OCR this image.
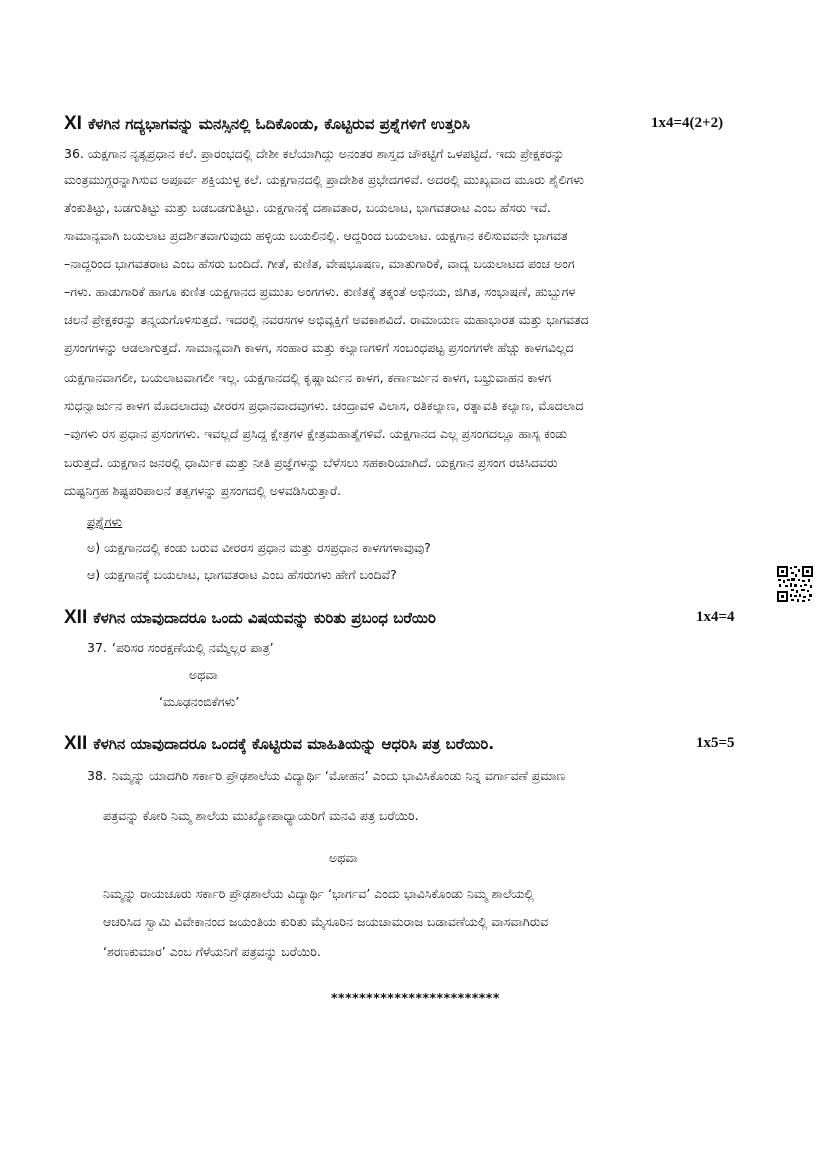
XI ಕೆಳಗಿನ ಗದ್ಯಭಾಗವನ್ನು ಮನಸ್ಸಿನಲ್ಲಿ ಓದಿಕೊಂಡು, ಕೊಟ್ಟಿರುವ ಪ್ರಶ್ನೆಗಳಿಗೆ ಉತ್ತರಿಸಿ	1x4=4(2+2)
36. ಯಕ್ಷಗಾನ ನೃತ್ಯಪ್ರಧಾನ ಕಲೆ. ಪ್ರಾರಂಭದಲ್ಲಿ ದೇಶೀ ಕಲೆಯಾಗಿದ್ದು ಅನಂತರ ಶಾಸ್ತ್ರದ ಚೌಕಟ್ಟಿಗೆ ಒಳಪಟ್ಟಿದೆ. ಇದು ಪ್ರೇಕ್ಷಕರನ್ನು
ಮಂತ್ರಮುಗ್ಧರನ್ನಾಗಿಸುವ ಅಪೂರ್ವ ಶಕ್ತಿಯುಳ್ಳ ಕಲೆ. ಯಕ್ಷಗಾನದಲ್ಲಿ ಪ್ರಾದೇಶಿಕ ಪ್ರಭೇದಗಳಿವೆ. ಅದರಲ್ಲಿ ಮುಖ್ಯವಾದ ಮೂರು ಶೈಲಿಗಳು
ತೆಂಕುತಿಟ್ಟು, ಬಡಗುತಿಟ್ಟು ಮತ್ತು ಬಡಬಡಗುತಿಟ್ಟು. ಯಕ್ಷಗಾನಕ್ಕೆ ದಶಾವತಾರ, ಬಯಲಾಟ, ಭಾಗವತರಾಟ ಎಂಬ ಹೆಸರು ಇವೆ.
ಸಾಮಾನ್ಯವಾಗಿ ಬಯಲಾಟ ಪ್ರದರ್ಶಿತವಾಗುವುದು ಹಳ್ಳಿಯ ಬಯಲಿನಲ್ಲಿ. ಆದ್ದರಿಂದ ಬಯಲಾಟ. ಯಕ್ಷಗಾನ ಕಲಿಸುವವನೇ ಭಾಗವತ
–ನಾದ್ದರಿಂದ ಭಾಗವತರಾಟ ಎಂಬ ಹೆಸರು ಬಂದಿದೆ. ಗೀತೆ, ಕುಣಿತ, ವೇಷಭೂಷಣ, ಮಾತುಗಾರಿಕೆ, ವಾದ್ಯ ಬಯಲಾಟದ ಪಂಚ ಅಂಗ
–ಗಳು. ಹಾಡುಗಾರಿಕೆ ಹಾಗೂ ಕುಣಿತ ಯಕ್ಷಗಾನದ ಪ್ರಮುಖ ಅಂಗಗಳು. ಕುಣಿತಕ್ಕೆ ತಕ್ಕಂತೆ ಅಭಿನಯ, ಜಿಗಿತ, ಸಂಭಾಷಣೆ, ಹುಬ್ಬುಗಳ
ಚಲನೆ ಪ್ರೇಕ್ಷಕರನ್ನು ತನ್ಮಯಗೊಳಿಸುತ್ತದೆ. ಇದರಲ್ಲಿ ನವರಸಗಳ ಅಭಿವ್ಯಕ್ತಿಗೆ ಅವಕಾಶವಿದೆ. ರಾಮಾಯಣ ಮಹಾಭಾರತ ಮತ್ತು ಭಾಗವತದ
ಪ್ರಸಂಗಗಳನ್ನು ಆಡಲಾಗುತ್ತದೆ. ಸಾಮಾನ್ಯವಾಗಿ ಕಾಳಗ, ಸಂಹಾರ ಮತ್ತು ಕಲ್ಯಾಣಗಳಿಗೆ ಸಂಬಂಧಪಟ್ಟ ಪ್ರಸಂಗಗಳೇ ಹೆಚ್ಚು ಕಾಳಗವಿಲ್ಲದ
ಯಕ್ಷಗಾನವಾಗಲೀ, ಬಯಲಾಟವಾಗಲೀ ಇಲ್ಲ. ಯಕ್ಷಗಾನದಲ್ಲಿ ಕೃಷ್ಣಾರ್ಜುನ ಕಾಳಗ, ಕರ್ಣಾರ್ಜುನ ಕಾಳಗ, ಬಭ್ರುವಾಹನ ಕಾಳಗ
ಸುಧನ್ವಾರ್ಜುನ ಕಾಳಗ ಮೊದಲಾದವು ವೀರರಸ ಪ್ರಧಾನವಾದವುಗಳು. ಚಂದ್ರಾವಳಿ ವಿಲಾಸ, ರತಿಕಲ್ಯಾಣ, ರತ್ನಾವತಿ ಕಲ್ಯಾಣ, ಮೊದಲಾದ
–ವುಗಳು ರಸ ಪ್ರಧಾನ ಪ್ರಸಂಗಗಳು. ಇವಲ್ಲದೆ ಪ್ರಸಿದ್ಧ ಕ್ಷೇತ್ರಗಳ ಕ್ಷೇತ್ರಮಹಾತ್ಮೆಗಳಿವೆ. ಯಕ್ಷಗಾನದ ಎಲ್ಲ ಪ್ರಸಂಗದಲ್ಲೂ ಹಾಸ್ಯ ಕಂಡು
ಬರುತ್ತದೆ. ಯಕ್ಷಗಾನ ಜನರಲ್ಲಿ ಧಾರ್ಮಿಕ ಮತ್ತು ನೀತಿ ಪ್ರಜ್ಞೆಗಳನ್ನು ಬೆಳೆಸಲು ಸಹಕಾರಿಯಾಗಿದೆ. ಯಕ್ಷಗಾನ ಪ್ರಸಂಗ ರಚಿಸಿದವರು
ದುಷ್ಟನಿಗ್ರಹ ಶಿಷ್ಟಪರಿಪಾಲನೆ ತತ್ವಗಳನ್ನು ಪ್ರಸಂಗದಲ್ಲಿ ಅಳವಡಿಸಿರುತ್ತಾರೆ.
ಪ್ರಶ್ನೆಗಳು
ಅ) ಯಕ್ಷಗಾನದಲ್ಲಿ ಕಂಡು ಬರುವ ವೀರರಸ ಪ್ರಧಾನ ಮತ್ತು ರಸಪ್ರಧಾನ ಕಾಳಗಗಳಾವುವು?
ಆ) ಯಕ್ಷಗಾನಕ್ಕೆ ಬಯಲಾಟ, ಭಾಗವತರಾಟ ಎಂಬ ಹೆಸರುಗಳು ಹೇಗೆ ಬಂದಿವೆ?
XII ಕೆಳಗಿನ ಯಾವುದಾದರೂ ಒಂದು ವಿಷಯವನ್ನು ಕುರಿತು ಪ್ರಬಂಧ ಬರೆಯಿರಿ	1x4=4
37. ‘ಪರಿಸರ ಸಂರಕ್ಷಣೆಯಲ್ಲಿ ನಮ್ಮೆಲ್ಲರ ಪಾತ್ರ’
ಅಥವಾ
‘ಮೂಢನಂಬಿಕೆಗಳು’
XII ಕೆಳಗಿನ ಯಾವುದಾದರೂ ಒಂದಕ್ಕೆ ಕೊಟ್ಟಿರುವ ಮಾಹಿತಿಯನ್ನು ಆಧರಿಸಿ ಪತ್ರ ಬರೆಯಿರಿ.	1x5=5
38. ನಿಮ್ಮನ್ನು ಯಾದಗಿರಿ ಸರ್ಕಾರಿ ಪ್ರೌಢಶಾಲೆಯ ವಿದ್ಯಾರ್ಥಿ ‘ಮೋಹನ’ ಎಂದು ಭಾವಿಸಿಕೊಂಡು ನಿನ್ನ ವರ್ಗಾವಣೆ ಪ್ರಮಾಣ
ಪತ್ರವನ್ನು ಕೋರಿ ನಿಮ್ಮ ಶಾಲೆಯ ಮುಖ್ಯೋಪಾಧ್ಯಾಯರಿಗೆ ಮನವಿ ಪತ್ರ ಬರೆಯಿರಿ.
ಅಥವಾ
ನಿಮ್ಮನ್ನು ರಾಯಚೂರು ಸರ್ಕಾರಿ ಪ್ರೌಢಶಾಲೆಯ ವಿದ್ಯಾರ್ಥಿ ‘ಭಾರ್ಗವ’ ಎಂದು ಭಾವಿಸಿಕೊಂಡು ನಿಮ್ಮ ಶಾಲೆಯಲ್ಲಿ
ಆಚರಿಸಿದ ಸ್ವಾಮಿ ವಿವೇಕಾನಂದ ಜಯಂತಿಯ ಕುರಿತು ಮೈಸೂರಿನ ಜಯಚಾಮರಾಜ ಬಡಾವಣೆಯಲ್ಲಿ ವಾಸವಾಗಿರುವ
‘ಶರಣಕುಮಾರ’ ಎಂಬ ಗೆಳೆಯನಿಗೆ ಪತ್ರವನ್ನು ಬರೆಯಿರಿ.
************************
